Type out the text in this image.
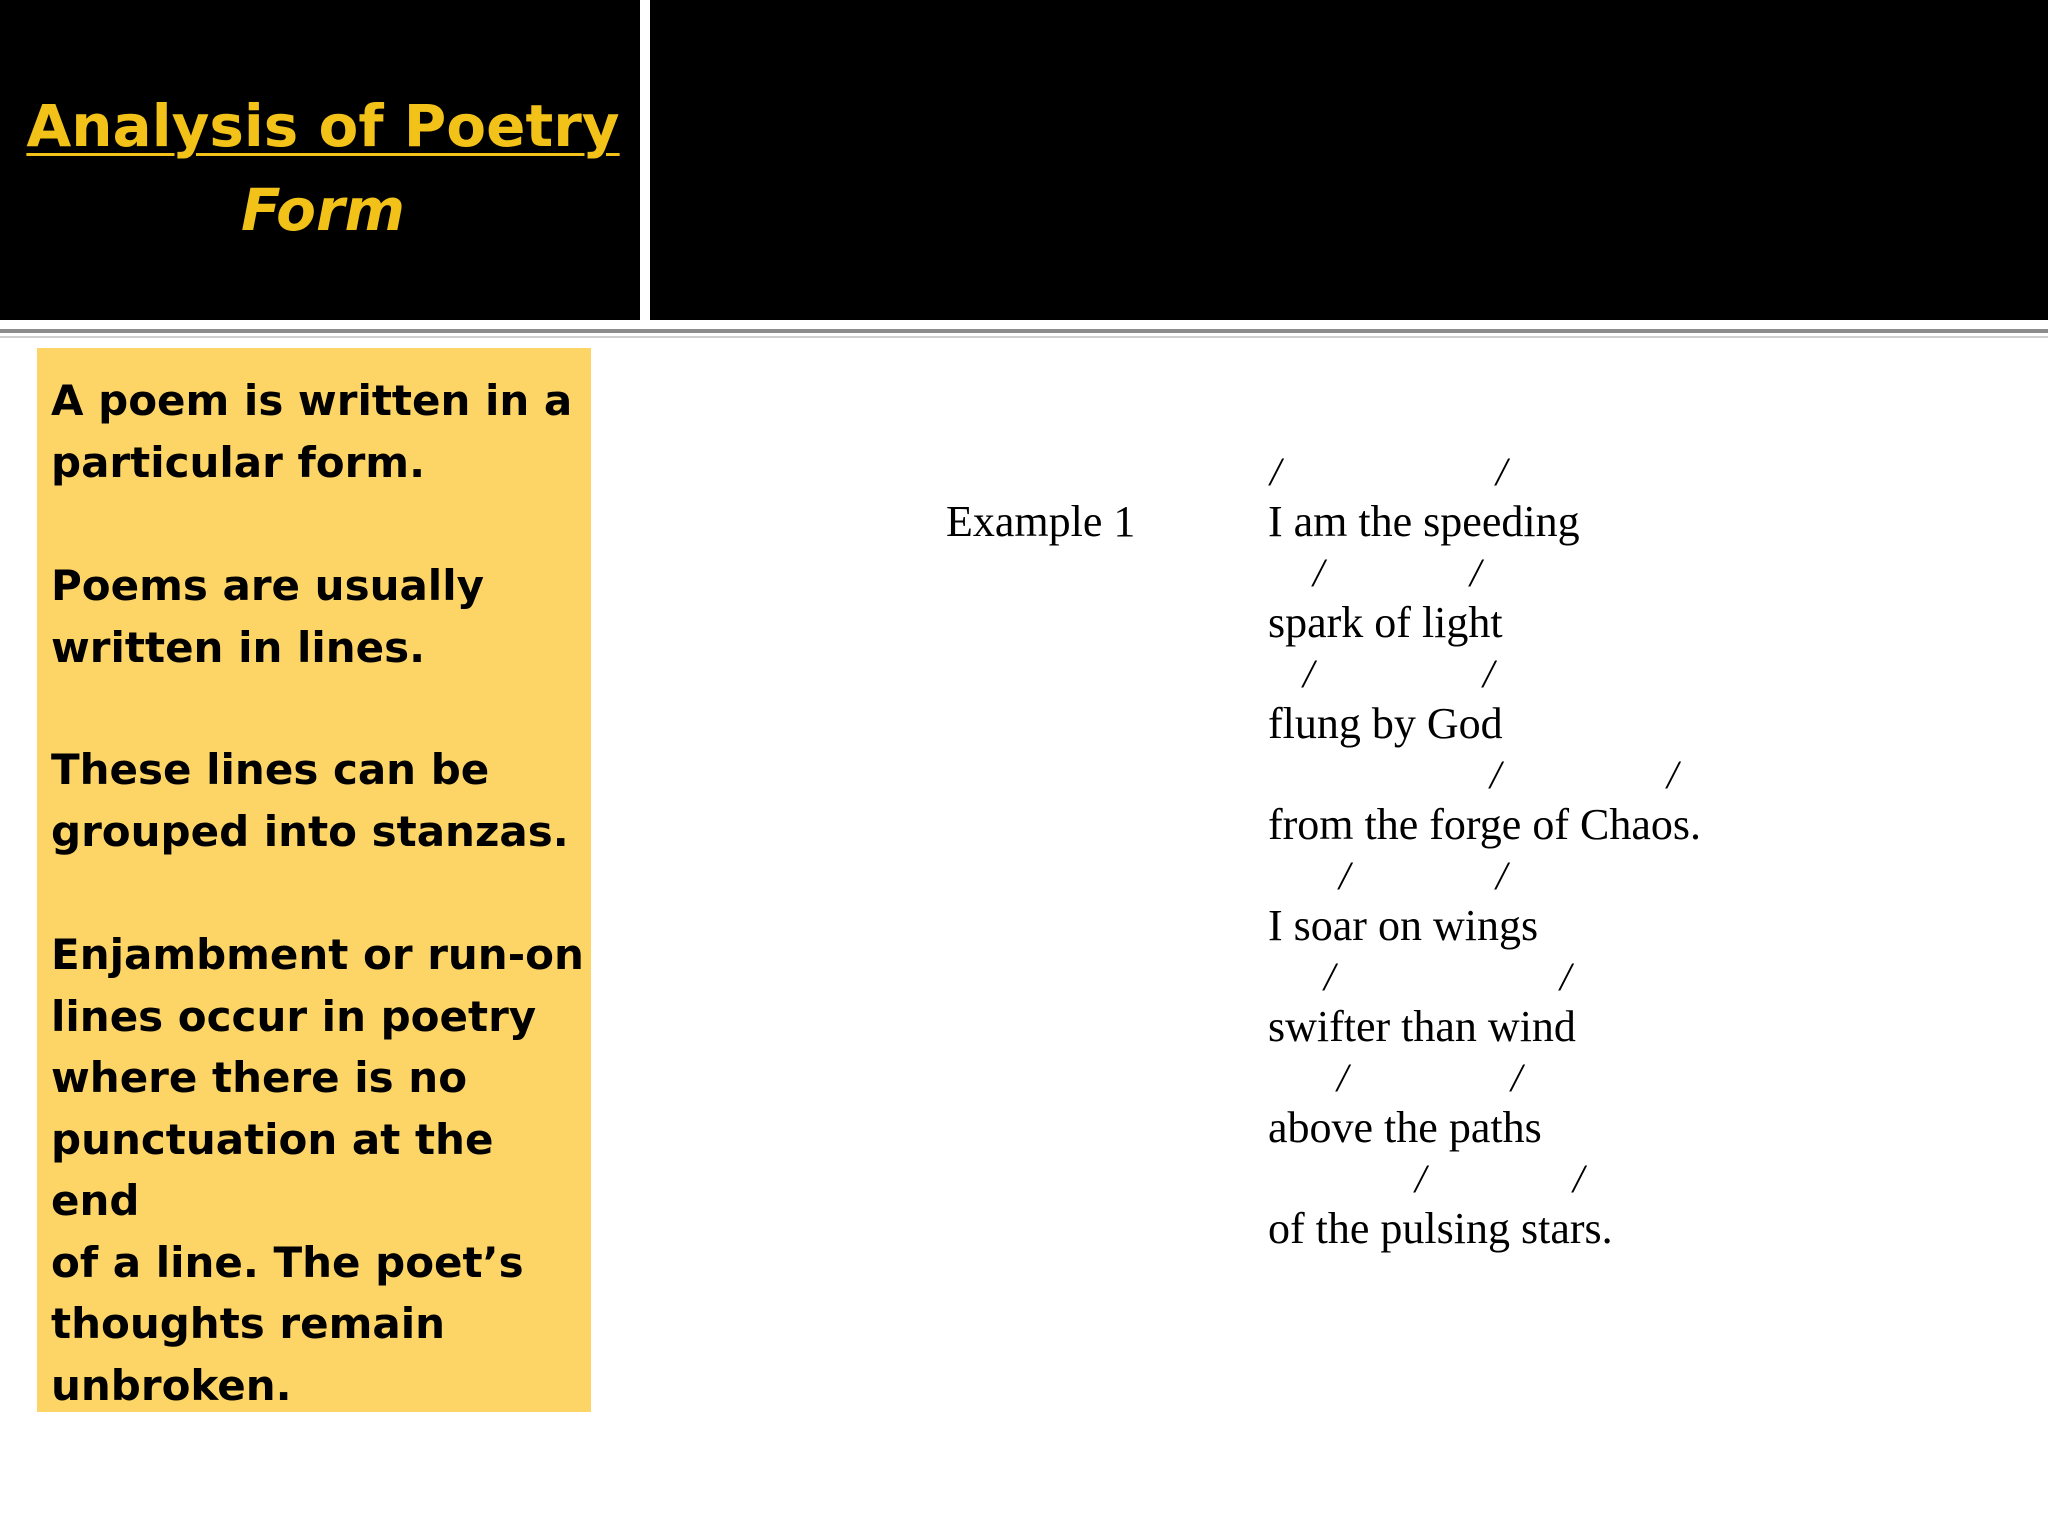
Analysis of Poetry
Form
A poem is written in a
particular form.
Poems are usually
written in lines.
These lines can be
grouped into stanzas.
Enjambment or run-on
lines occur in poetry
where there is no
punctuation at the end
of a line. The poet’s
thoughts remain
unbroken.
Example 1	I am the speeding
spark of light
flung by God
from the forge of Chaos.
I soar on wings
swifter than wind
above the paths
of the pulsing stars.
/	/
/	/
/	/
/	/
/	/
/	/
/	/
/	/
